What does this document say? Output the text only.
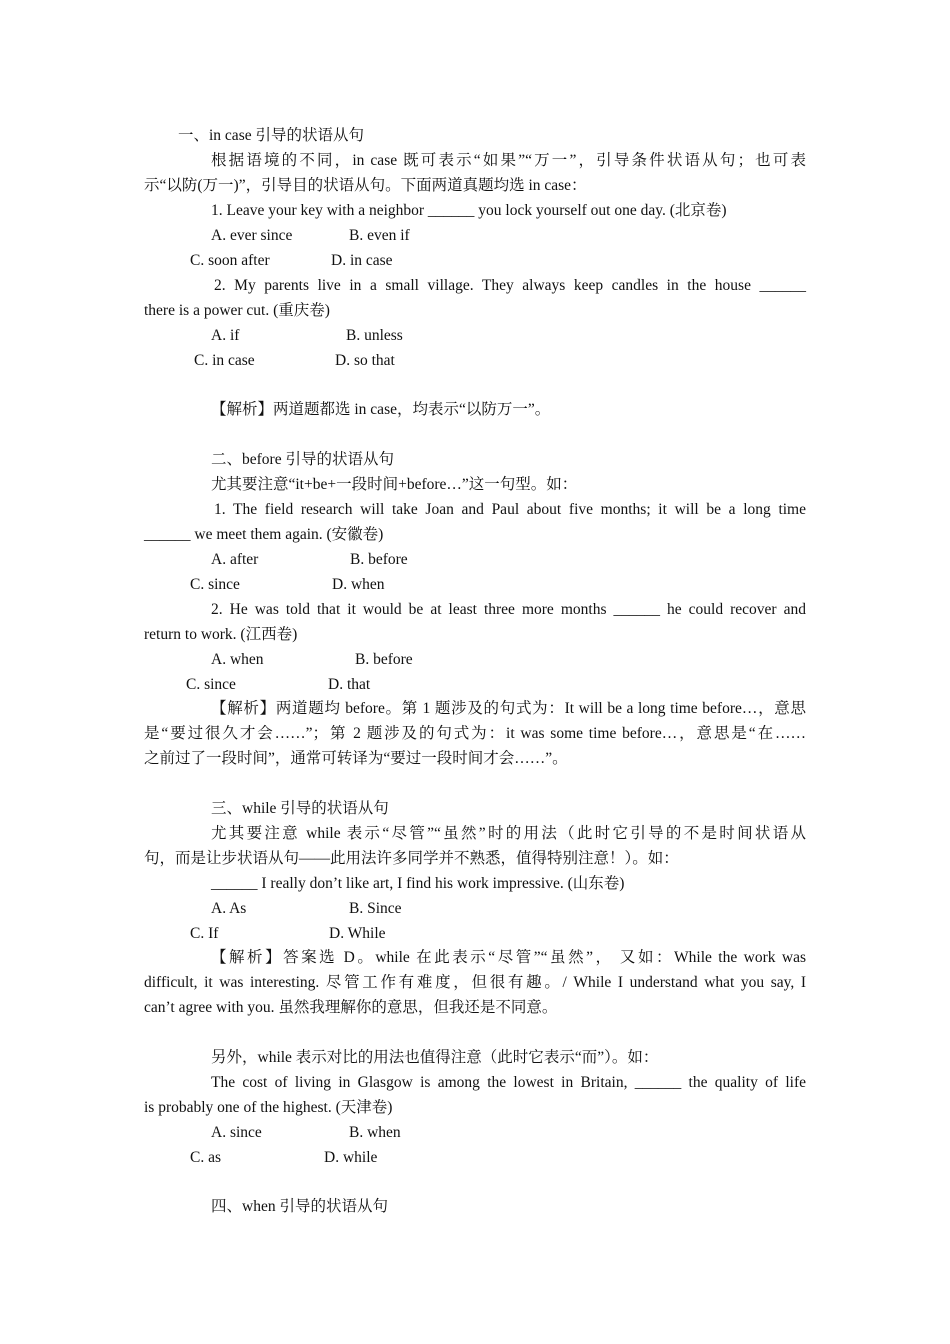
一、in case 引导的状语从句
根据语境的不同，in case 既可表示“如果”“万一”，引导条件状语从句；也可表
示“以防(万一)”，引导目的状语从句。下面两道真题均选 in case：
1. Leave your key with a neighbor ______ you lock yourself out one day. (北京卷)
A. ever since	B. even if
C. soon after	D. in case
2. My parents live in a small village. They always keep candles in the house ______
there is a power cut. (重庆卷)
A. if	B. unless
C. in case	D. so that
【解析】两道题都选 in case，均表示“以防万一”。
二、before 引导的状语从句
尤其要注意“it+be+一段时间+before…”这一句型。如：
1. The field research will take Joan and Paul about five months; it will be a long time
______ we meet them again. (安徽卷)
A. after	B. before
C. since	D. when
2. He was told that it would be at least three more months ______ he could recover and
return to work. (江西卷)
A. when	B. before
C. since	D. that
【解析】两道题均 before。第 1 题涉及的句式为：It will be a long time before…，意思
是“要过很久才会……”；第 2 题涉及的句式为：it was some time before…，意思是“在……
之前过了一段时间”，通常可转译为“要过一段时间才会……”。
三、while 引导的状语从句
尤其要注意 while 表示“尽管”“虽然”时的用法（此时它引导的不是时间状语从
句，而是让步状语从句——此用法许多同学并不熟悉，值得特别注意！）。如：
______ I really don’t like art, I find his work impressive. (山东卷)
A. As	B. Since
C. If	D. While
【解析】答案选 D。while 在此表示“尽管”“虽然”， 又如：While the work was
difficult, it was interesting. 尽管工作有难度，但很有趣。/ While I understand what you say, I
can’t agree with you. 虽然我理解你的意思，但我还是不同意。
另外，while 表示对比的用法也值得注意（此时它表示“而”）。如：
The cost of living in Glasgow is among the lowest in Britain, ______ the quality of life
is probably one of the highest. (天津卷)
A. since	B. when
C. as	D. while
四、when 引导的状语从句
